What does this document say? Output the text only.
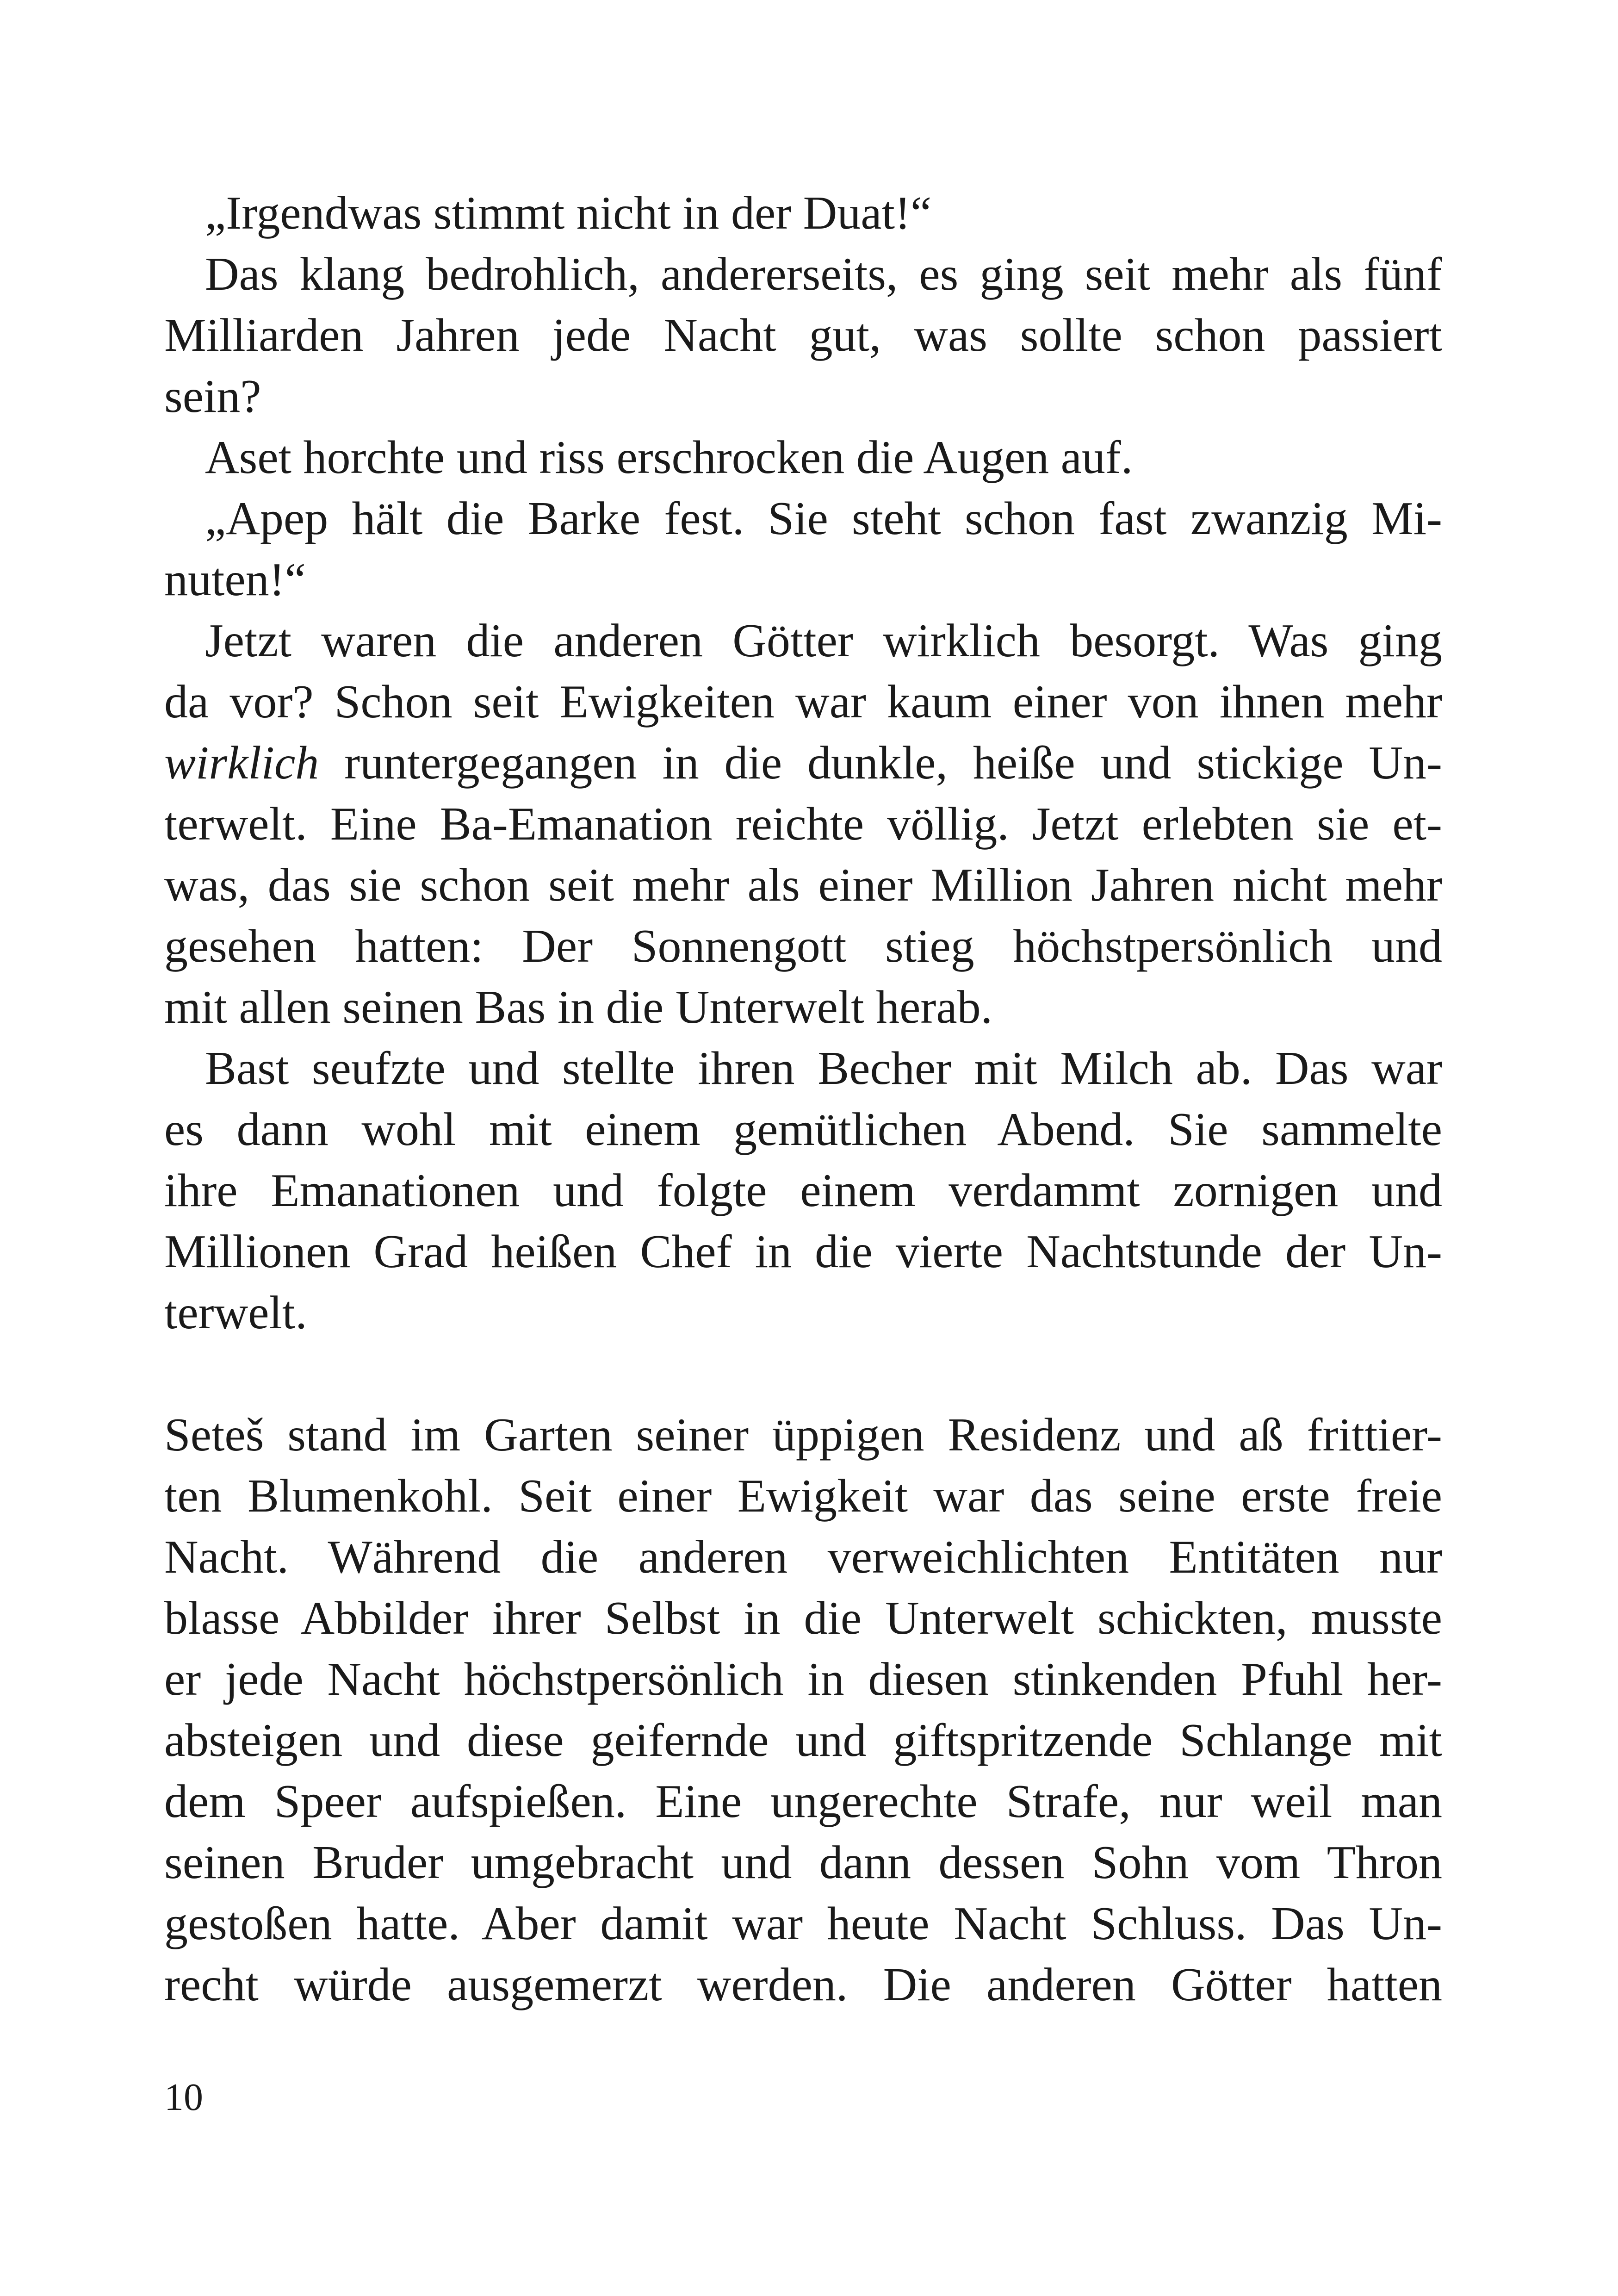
„Irgendwas stimmt nicht in der Duat!“
Das klang bedrohlich, andererseits, es ging seit mehr als fünf
Milliarden Jahren jede Nacht gut, was sollte schon passiert
sein?
Aset horchte und riss erschrocken die Augen auf.
„Apep hält die Barke fest. Sie steht schon fast zwanzig Mi-
nuten!“
Jetzt waren die anderen Götter wirklich besorgt. Was ging
da vor? Schon seit Ewigkeiten war kaum einer von ihnen mehr
wirklich runtergegangen in die dunkle, heiße und stickige Un-
terwelt. Eine Ba-Emanation reichte völlig. Jetzt erlebten sie et-
was, das sie schon seit mehr als einer Million Jahren nicht mehr
gesehen hatten: Der Sonnengott stieg höchstpersönlich und
mit allen seinen Bas in die Unterwelt herab.
Bast seufzte und stellte ihren Becher mit Milch ab. Das war
es dann wohl mit einem gemütlichen Abend. Sie sammelte
ihre Emanationen und folgte einem verdammt zornigen und
Millionen Grad heißen Chef in die vierte Nachtstunde der Un-
terwelt.
Seteš stand im Garten seiner üppigen Residenz und aß frittier-
ten Blumenkohl. Seit einer Ewigkeit war das seine erste freie
Nacht. Während die anderen verweichlichten Entitäten nur
blasse Abbilder ihrer Selbst in die Unterwelt schickten, musste
er jede Nacht höchstpersönlich in diesen stinkenden Pfuhl her-
absteigen und diese geifernde und giftspritzende Schlange mit
dem Speer aufspießen. Eine ungerechte Strafe, nur weil man
seinen Bruder umgebracht und dann dessen Sohn vom Thron
gestoßen hatte. Aber damit war heute Nacht Schluss. Das Un-
recht würde ausgemerzt werden. Die anderen Götter hatten
10
